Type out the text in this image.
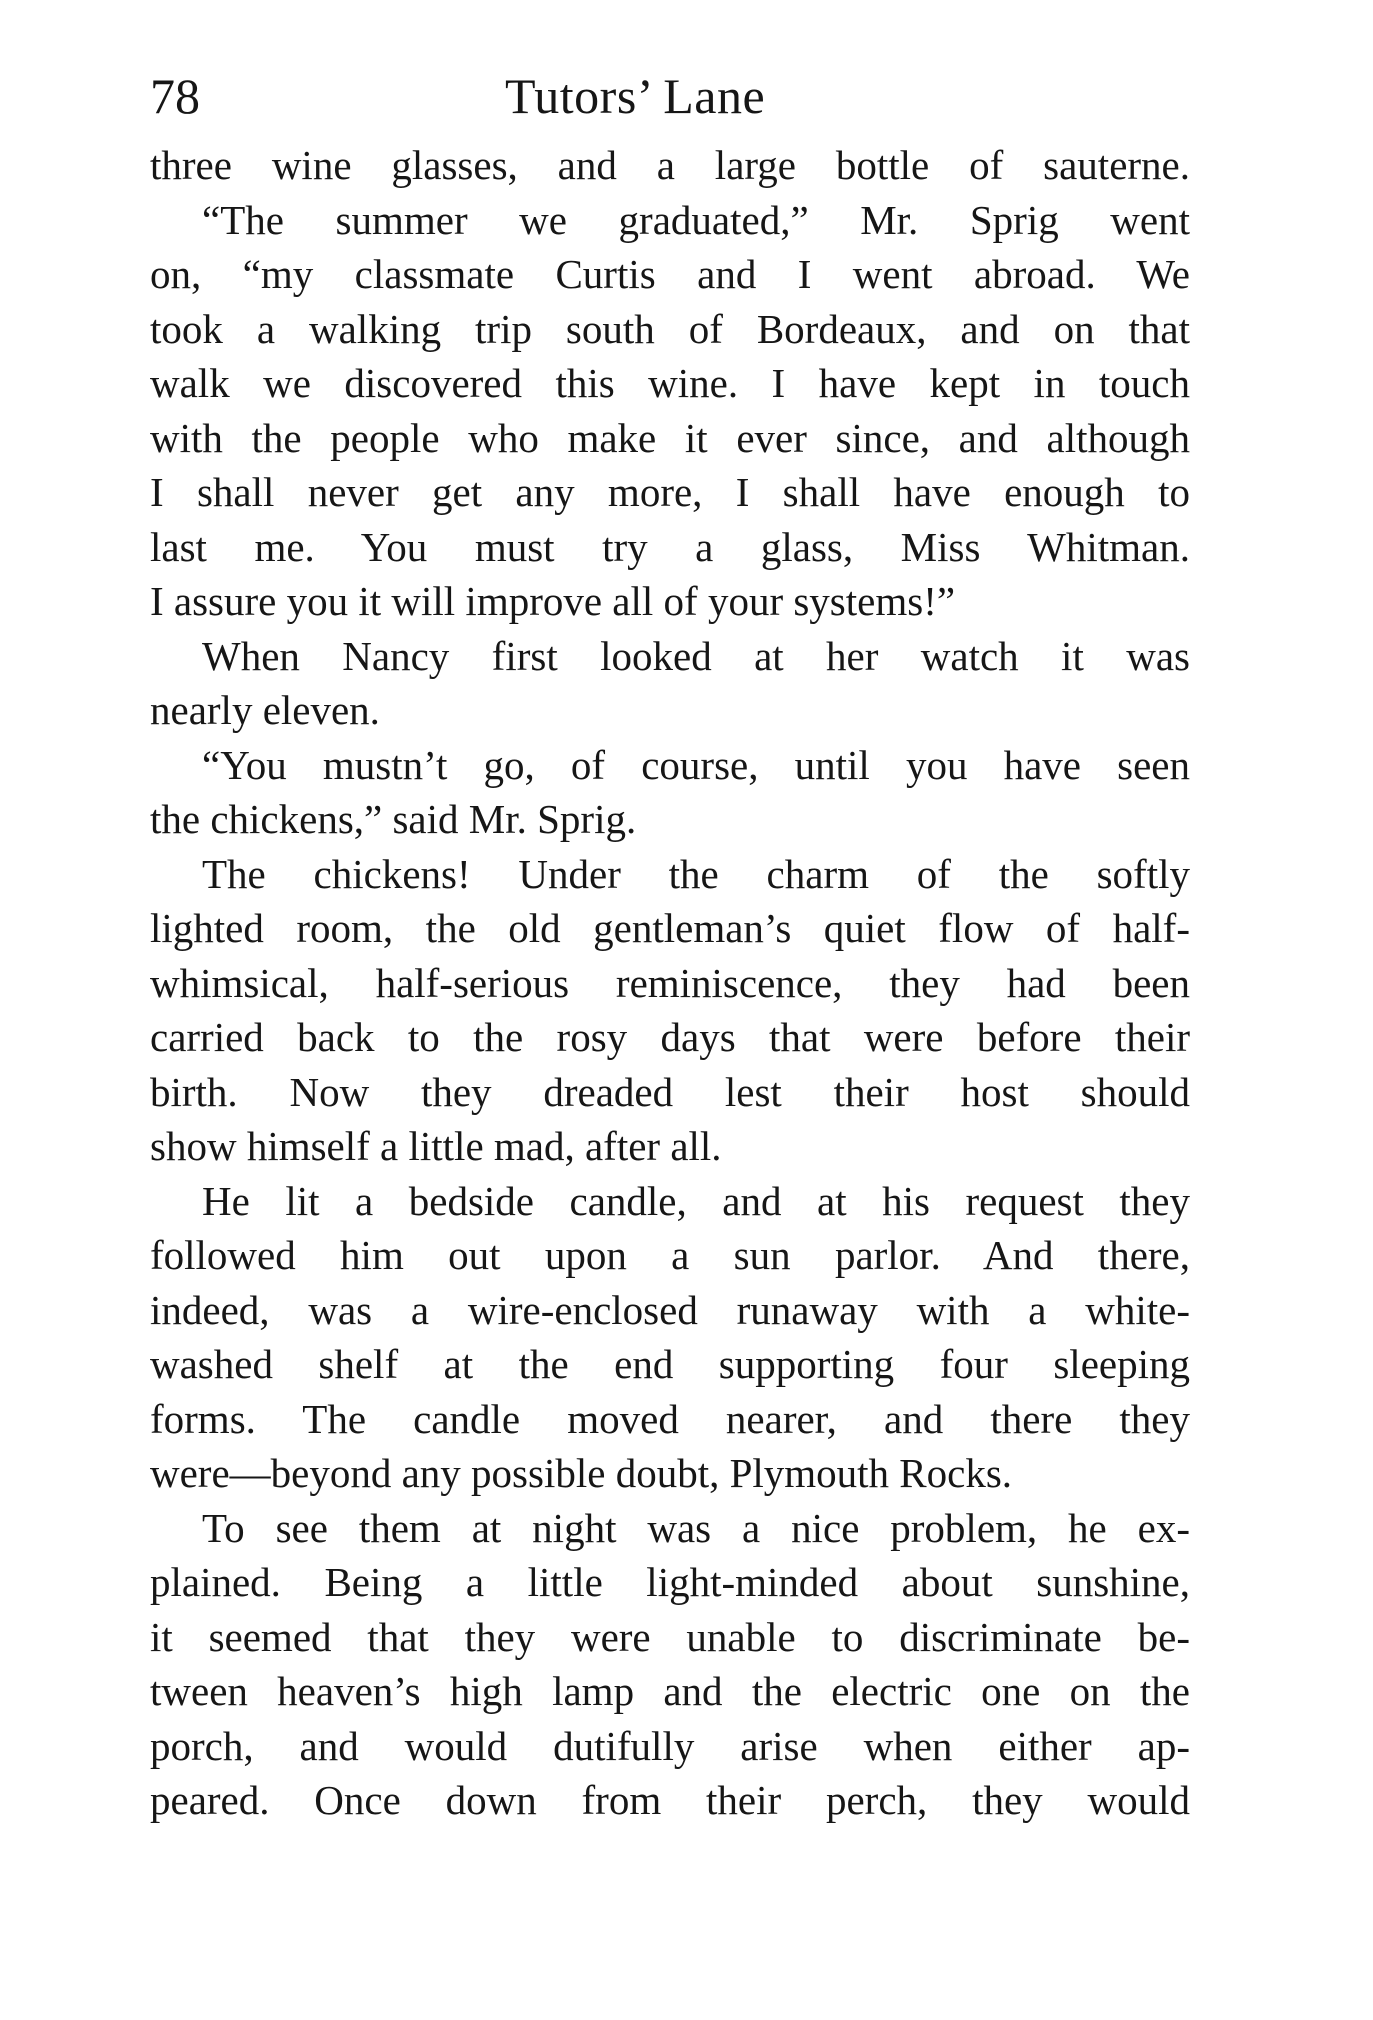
78	Tutors’ Lane
three wine glasses, and a large bottle of sauterne.
“The summer we graduated,” Mr. Sprig went
on, “my classmate Curtis and I went abroad. We
took a walking trip south of Bordeaux, and on that
walk we discovered this wine. I have kept in touch
with the people who make it ever since, and although
I shall never get any more, I shall have enough to
last me. You must try a glass, Miss Whitman.
I assure you it will improve all of your systems!”
When Nancy first looked at her watch it was
nearly eleven.
“You mustn’t go, of course, until you have seen
the chickens,” said Mr. Sprig.
The chickens! Under the charm of the softly
lighted room, the old gentleman’s quiet flow of half-
whimsical, half-serious reminiscence, they had been
carried back to the rosy days that were before their
birth. Now they dreaded lest their host should
show himself a little mad, after all.
He lit a bedside candle, and at his request they
followed him out upon a sun parlor. And there,
indeed, was a wire-enclosed runaway with a white-
washed shelf at the end supporting four sleeping
forms. The candle moved nearer, and there they
were—beyond any possible doubt, Plymouth Rocks.
To see them at night was a nice problem, he ex-
plained. Being a little light-minded about sunshine,
it seemed that they were unable to discriminate be-
tween heaven’s high lamp and the electric one on the
porch, and would dutifully arise when either ap-
peared. Once down from their perch, they would
